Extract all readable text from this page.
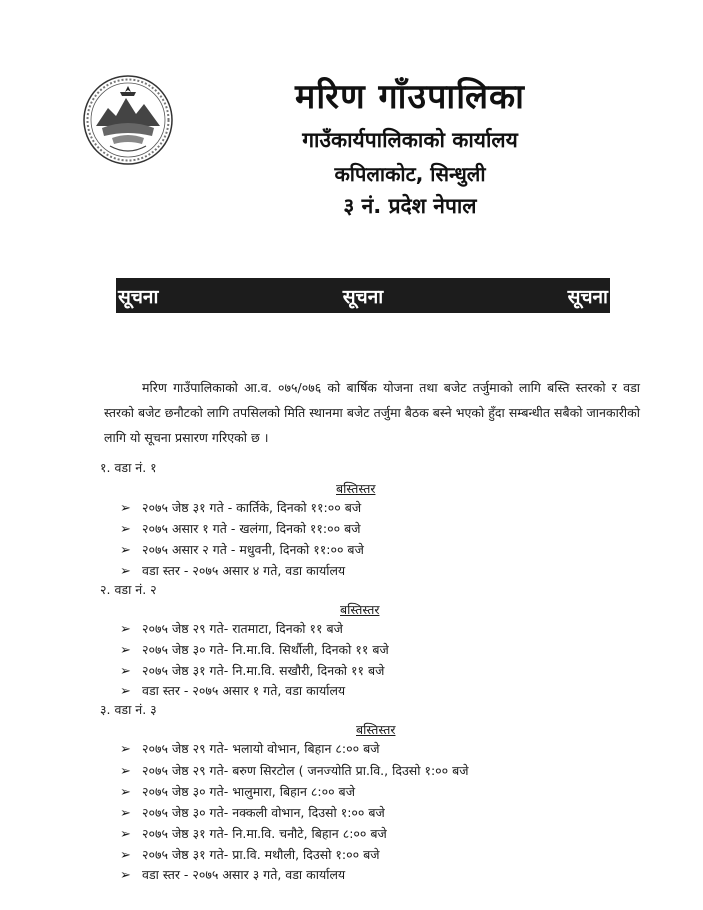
मरिण गाँउपालिका
गाउँकार्यपालिकाको कार्यालय
कपिलाकोट, सिन्धुली
३ नं. प्रदेश नेपाल
सूचना	सूचना	सूचना
मरिण गाउँपालिकाको आ.व. ०७५/०७६ को बार्षिक योजना तथा बजेट तर्जुमाको लागि बस्ति स्तरको र वडा स्तरको बजेट छनौटको लागि तपसिलको मिति स्थानमा बजेट तर्जुमा बैठक बस्ने भएको हुँदा सम्बन्धीत सबैको जानकारीको लागि यो सूचना प्रसारण गरिएको छ ।
१. वडा नं. १
बस्तिस्तर
➢ २०७५ जेष्ठ ३१ गते - कार्तिके, दिनको ११:०० बजे
➢ २०७५ असार १ गते - खलंगा, दिनको ११:०० बजे
➢ २०७५ असार २ गते - मधुवनी, दिनको ११:०० बजे
➢ वडा स्तर - २०७५ असार ४ गते, वडा कार्यालय
२. वडा नं. २
बस्तिस्तर
➢ २०७५ जेष्ठ २९ गते- रातमाटा, दिनको ११ बजे
➢ २०७५ जेष्ठ ३० गते- नि.मा.वि. सिर्थौली, दिनको ११ बजे
➢ २०७५ जेष्ठ ३१ गते- नि.मा.वि. सखौरी, दिनको ११ बजे
➢ वडा स्तर - २०७५ असार १ गते, वडा कार्यालय
३. वडा नं. ३
बस्तिस्तर
➢ २०७५ जेष्ठ २९ गते- भलायो वोभान, बिहान ८:०० बजे
➢ २०७५ जेष्ठ २९ गते- बरुण सिरटोल ( जनज्योति प्रा.वि., दिउसो १:०० बजे
➢ २०७५ जेष्ठ ३० गते- भालुमारा, बिहान ८:०० बजे
➢ २०७५ जेष्ठ ३० गते- नक्कली वोभान, दिउसो १:०० बजे
➢ २०७५ जेष्ठ ३१ गते- नि.मा.वि. चनौटे, बिहान ८:०० बजे
➢ २०७५ जेष्ठ ३१ गते- प्रा.वि. मथौली, दिउसो १:०० बजे
➢ वडा स्तर - २०७५ असार ३ गते, वडा कार्यालय
